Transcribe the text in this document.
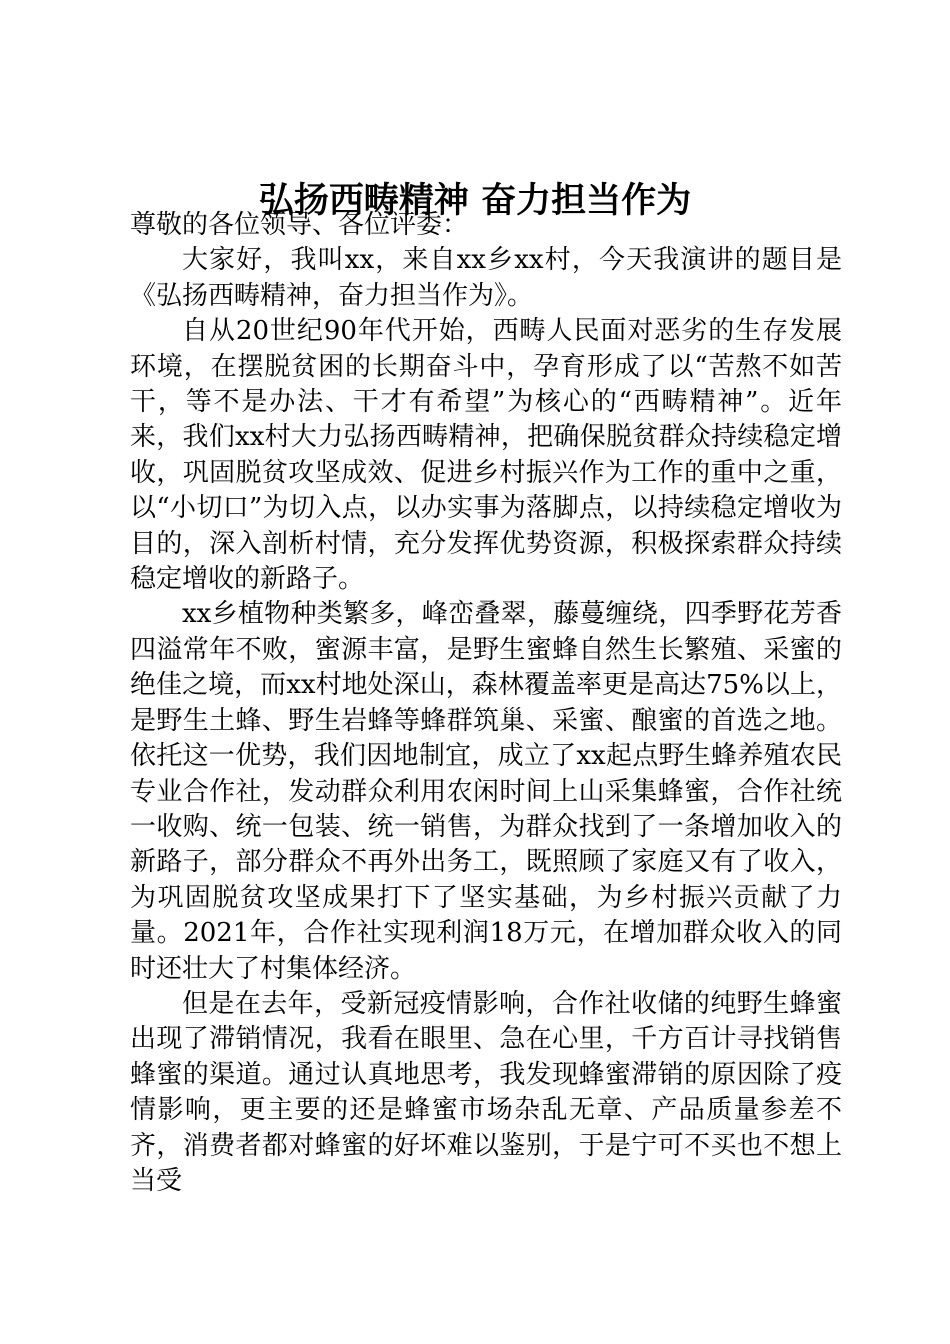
弘扬西畴精神 奋力担当作为

尊敬的各位领导、各位评委：

大家好，我叫xx，来自xx乡xx村，今天我演讲的题目是《弘扬西畴精神，奋力担当作为》。

自从20世纪90年代开始，西畴人民面对恶劣的生存发展环境，在摆脱贫困的长期奋斗中，孕育形成了以“苦熬不如苦干，等不是办法、干才有希望”为核心的“西畴精神”。近年来，我们xx村大力弘扬西畴精神，把确保脱贫群众持续稳定增收，巩固脱贫攻坚成效、促进乡村振兴作为工作的重中之重，以“小切口”为切入点，以办实事为落脚点，以持续稳定增收为目的，深入剖析村情，充分发挥优势资源，积极探索群众持续稳定增收的新路子。

xx乡植物种类繁多，峰峦叠翠，藤蔓缠绕，四季野花芳香四溢常年不败，蜜源丰富，是野生蜜蜂自然生长繁殖、采蜜的绝佳之境，而xx村地处深山，森林覆盖率更是高达75%以上，是野生土蜂、野生岩蜂等蜂群筑巢、采蜜、酿蜜的首选之地。依托这一优势，我们因地制宜，成立了xx起点野生蜂养殖农民专业合作社，发动群众利用农闲时间上山采集蜂蜜，合作社统一收购、统一包装、统一销售，为群众找到了一条增加收入的新路子，部分群众不再外出务工，既照顾了家庭又有了收入，为巩固脱贫攻坚成果打下了坚实基础，为乡村振兴贡献了力量。2021年，合作社实现利润18万元，在增加群众收入的同时还壮大了村集体经济。

但是在去年，受新冠疫情影响，合作社收储的纯野生蜂蜜出现了滞销情况，我看在眼里、急在心里，千方百计寻找销售蜂蜜的渠道。通过认真地思考，我发现蜂蜜滞销的原因除了疫情影响，更主要的还是蜂蜜市场杂乱无章、产品质量参差不齐，消费者都对蜂蜜的好坏难以鉴别，于是宁可不买也不想上当受
